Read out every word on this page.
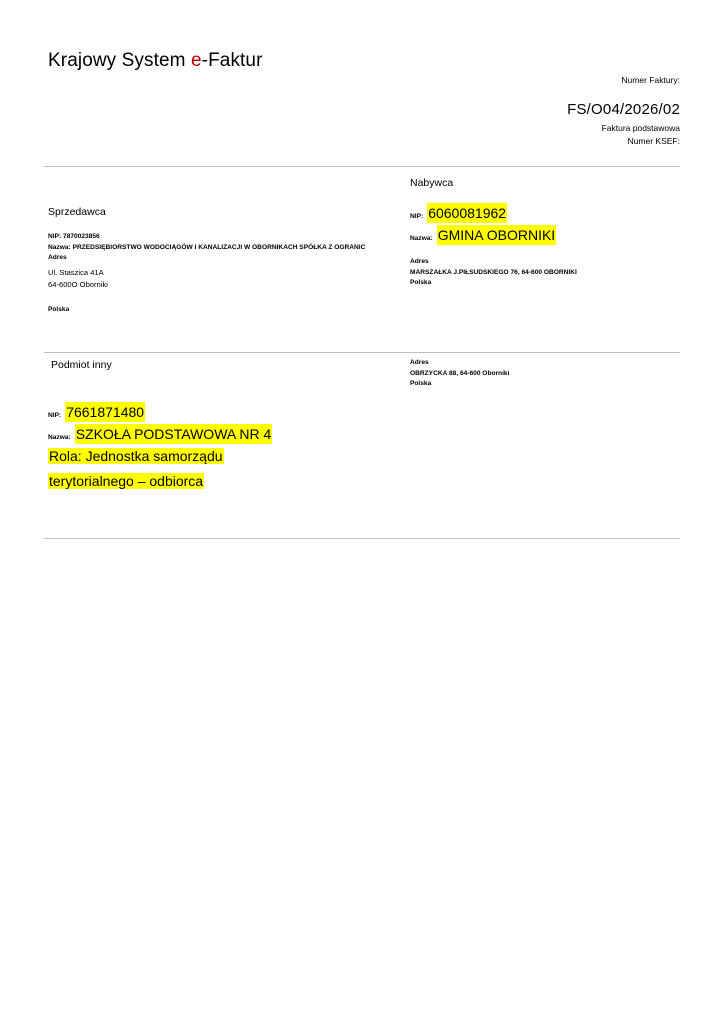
Krajowy System e-Faktur
Numer Faktury:
FS/O04/2026/02
Faktura podstawowa
Numer KSEF:
Nabywca
NIP: 6060081962
Nazwa: GMINA OBORNIKI
Adres
MARSZAŁKA J.PIŁSUDSKIEGO 76, 64-600 OBORNIKI
Polska
Sprzedawca
NIP: 7870023856
Nazwa: PRZEDSIĘBIORSTWO WODOCIĄGÓW I KANALIZACJI W OBORNIKACH SPÓŁKA Z OGRANIC
Adres
Ul. Staszica 41A
64-600O Oborniki
Polska
Adres
OBRZYCKA 88, 64-600 Oborniki
Polska
Podmiot inny
NIP: 7661871480
Nazwa: SZKOŁA PODSTAWOWA NR 4
Rola: Jednostka samorządu
terytorialnego – odbiorca
